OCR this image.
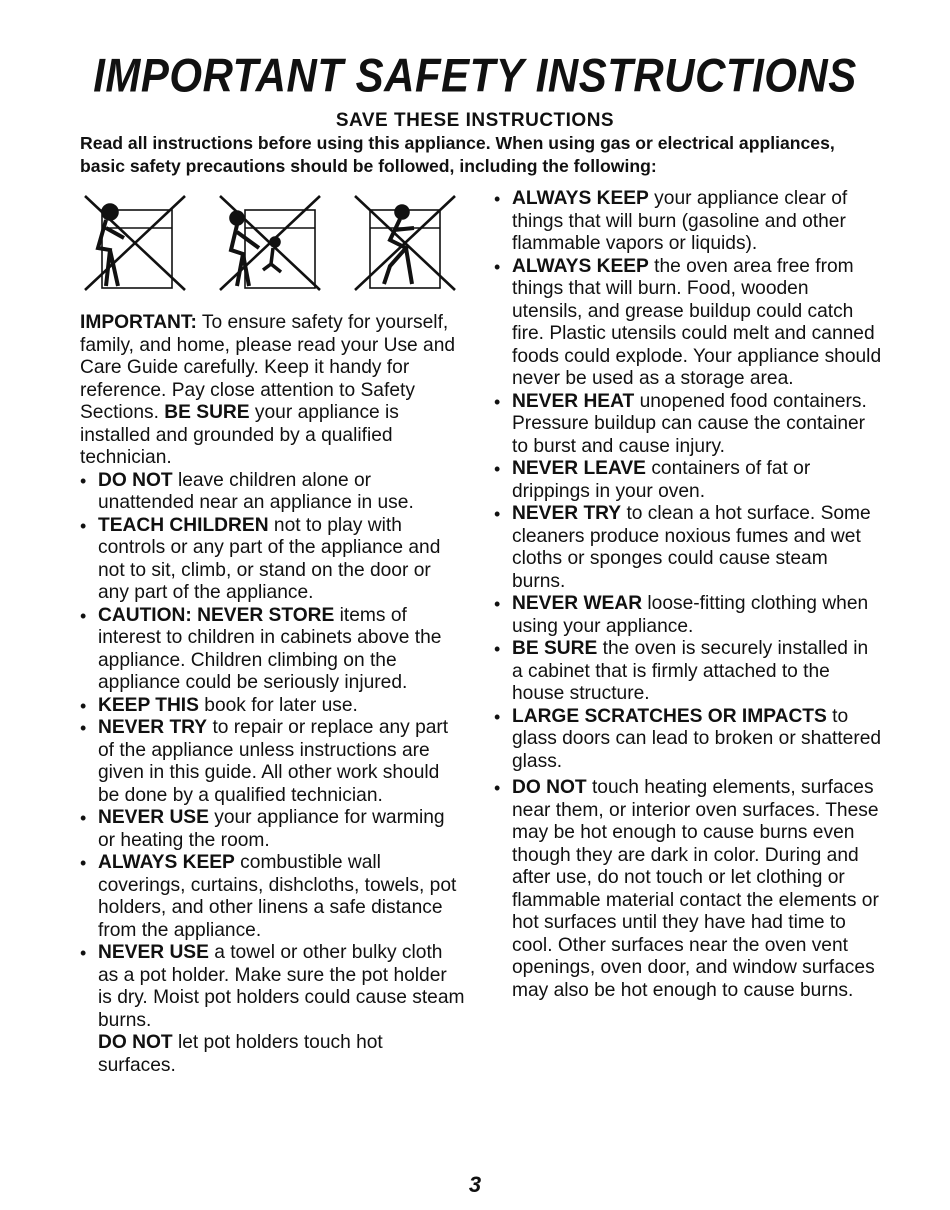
IMPORTANT SAFETY INSTRUCTIONS
SAVE THESE INSTRUCTIONS
Read all instructions before using this appliance. When using gas or electrical appliances, basic safety precautions should be followed, including the following:

IMPORTANT: To ensure safety for yourself, family, and home, please read your Use and Care Guide carefully. Keep it handy for reference. Pay close attention to Safety Sections. BE SURE your appliance is installed and grounded by a qualified technician.

• DO NOT leave children alone or unattended near an appliance in use.
• TEACH CHILDREN not to play with controls or any part of the appliance and not to sit, climb, or stand on the door or any part of the appliance.
• CAUTION: NEVER STORE items of interest to children in cabinets above the appliance. Children climbing on the appliance could be seriously injured.
• KEEP THIS book for later use.
• NEVER TRY to repair or replace any part of the appliance unless instructions are given in this guide. All other work should be done by a qualified technician.
• NEVER USE your appliance for warming or heating the room.
• ALWAYS KEEP combustible wall coverings, curtains, dishcloths, towels, pot holders, and other linens a safe distance from the appliance.
• NEVER USE a towel or other bulky cloth as a pot holder. Make sure the pot holder is dry. Moist pot holders could cause steam burns.
DO NOT let pot holders touch hot surfaces.
• ALWAYS KEEP your appliance clear of things that will burn (gasoline and other flammable vapors or liquids).
• ALWAYS KEEP the oven area free from things that will burn. Food, wooden utensils, and grease buildup could catch fire. Plastic utensils could melt and canned foods could explode. Your appliance should never be used as a storage area.
• NEVER HEAT unopened food containers. Pressure buildup can cause the container to burst and cause injury.
• NEVER LEAVE containers of fat or drippings in your oven.
• NEVER TRY to clean a hot surface. Some cleaners produce noxious fumes and wet cloths or sponges could cause steam burns.
• NEVER WEAR loose-fitting clothing when using your appliance.
• BE SURE the oven is securely installed in a cabinet that is firmly attached to the house structure.
• LARGE SCRATCHES OR IMPACTS to glass doors can lead to broken or shattered glass.
• DO NOT touch heating elements, surfaces near them, or interior oven surfaces. These may be hot enough to cause burns even though they are dark in color. During and after use, do not touch or let clothing or flammable material contact the elements or hot surfaces until they have had time to cool. Other surfaces near the oven vent openings, oven door, and window surfaces may also be hot enough to cause burns.
3
